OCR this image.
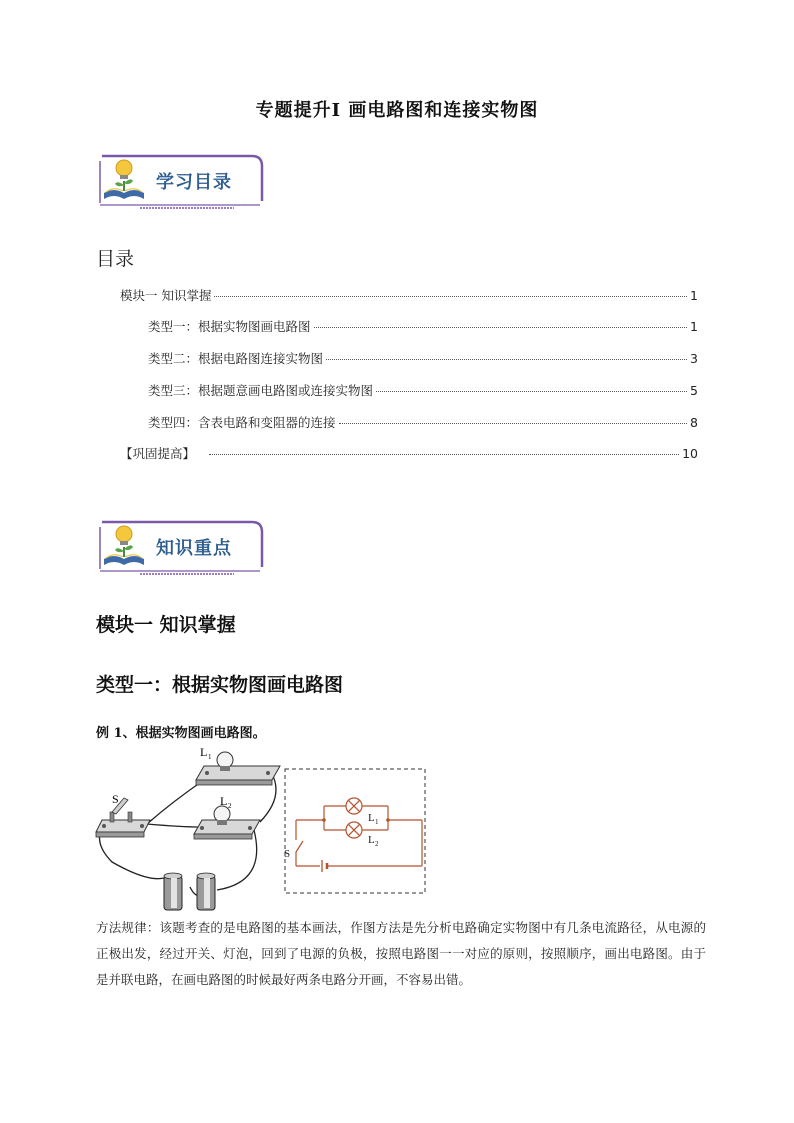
专题提升Ⅰ 画电路图和连接实物图
学习目录
目录
模块一 知识掌握	1
类型一：根据实物图画电路图	1
类型二：根据电路图连接实物图	3
类型三：根据题意画电路图或连接实物图	5
类型四：含表电路和变阻器的连接	8
【巩固提高】	10
知识重点
模块一 知识掌握
类型一：根据实物图画电路图
例 1、根据实物图画电路图。
L 1
L 2
S
L 1
L 2
S
方法规律：该题考查的是电路图的基本画法，作图方法是先分析电路确定实物图中有几条电流路径，从电源的正极出发，经过开关、灯泡，回到了电源的负极，按照电路图一一对应的原则，按照顺序，画出电路图。由于是并联电路，在画电路图的时候最好两条电路分开画，不容易出错。
